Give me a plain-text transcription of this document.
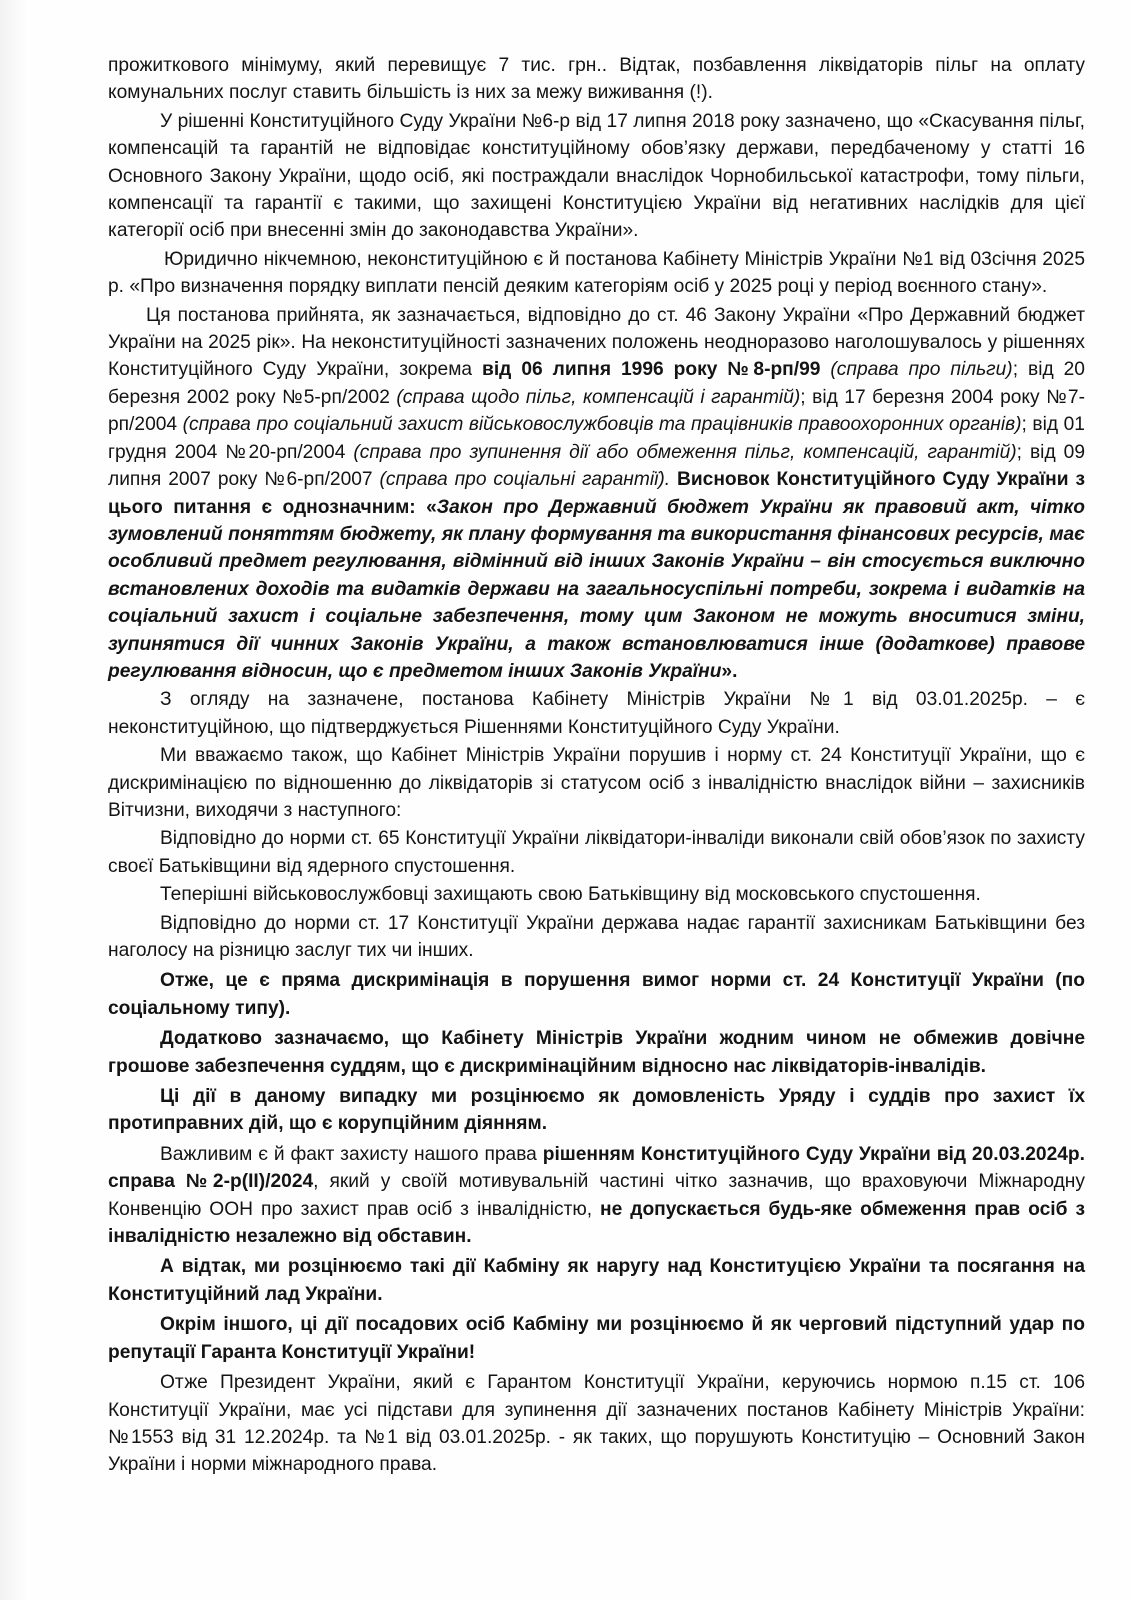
прожиткового мінімуму, який перевищує 7 тис. грн.. Відтак, позбавлення ліквідаторів пільг на оплату комунальних послуг ставить більшість із них за межу виживання (!).

У рішенні Конституційного Суду України №6-р від 17 липня 2018 року зазначено, що «Скасування пільг, компенсацій та гарантій не відповідає конституційному обов’язку держави, передбаченому у статті 16 Основного Закону України, щодо осіб, які постраждали внаслідок Чорнобильської катастрофи, тому пільги, компенсації та гарантії є такими, що захищені Конституцією України від негативних наслідків для цієї категорії осіб при внесенні змін до законодавства України».

Юридично нікчемною, неконституційною є й постанова Кабінету Міністрів України №1 від 03січня 2025 р. «Про визначення порядку виплати пенсій деяким категоріям осіб у 2025 році у період воєнного стану».

Ця постанова прийнята, як зазначається, відповідно до ст. 46 Закону України «Про Державний бюджет України на 2025 рік». На неконституційності зазначених положень неодноразово наголошувалось у рішеннях Конституційного Суду України, зокрема від 06 липня 1996 року №8-рп/99 (справа про пільги); від 20 березня 2002 року №5-рп/2002 (справа щодо пільг, компенсацій і гарантій); від 17 березня 2004 року №7-рп/2004 (справа про соціальний захист військовослужбовців та працівників правоохоронних органів); від 01 грудня 2004 №20-рп/2004 (справа про зупинення дії або обмеження пільг, компенсацій, гарантій); від 09 липня 2007 року №6-рп/2007 (справа про соціальні гарантії). Висновок Конституційного Суду України з цього питання є однозначним: «Закон про Державний бюджет України як правовий акт, чітко зумовлений поняттям бюджету, як плану формування та використання фінансових ресурсів, має особливий предмет регулювання, відмінний від інших Законів України – він стосується виключно встановлених доходів та видатків держави на загальносуспільні потреби, зокрема і видатків на соціальний захист і соціальне забезпечення, тому цим Законом не можуть вноситися зміни, зупинятися дії чинних Законів України, а також встановлюватися інше (додаткове) правове регулювання відносин, що є предметом інших Законів України».

З огляду на зазначене, постанова Кабінету Міністрів України №1 від 03.01.2025р. – є неконституційною, що підтверджується Рішеннями Конституційного Суду України.

Ми вважаємо також, що Кабінет Міністрів України порушив і норму ст. 24 Конституції України, що є дискримінацією по відношенню до ліквідаторів зі статусом осіб з інвалідністю внаслідок війни – захисників Вітчизни, виходячи з наступного:

Відповідно до норми ст. 65 Конституції України ліквідатори-інваліди виконали свій обов’язок по захисту своєї Батьківщини від ядерного спустошення.

Теперішні військовослужбовці захищають свою Батьківщину від московського спустошення.

Відповідно до норми ст. 17 Конституції України держава надає гарантії захисникам Батьківщини без наголосу на різницю заслуг тих чи інших.

Отже, це є пряма дискримінація в порушення вимог норми ст. 24 Конституції України (по соціальному типу).

Додатково зазначаємо, що Кабінету Міністрів України жодним чином не обмежив довічне грошове забезпечення суддям, що є дискримінаційним відносно нас ліквідаторів-інвалідів.

Ці дії в даному випадку ми розцінюємо як домовленість Уряду і суддів про захист їх протиправних дій, що є корупційним діянням.

Важливим є й факт захисту нашого права рішенням Конституційного Суду України від 20.03.2024р. справа №2-р(II)/2024, який у своїй мотивувальній частині чітко зазначив, що враховуючи Міжнародну Конвенцію ООН про захист прав осіб з інвалідністю, не допускається будь-яке обмеження прав осіб з інвалідністю незалежно від обставин.

А відтак, ми розцінюємо такі дії Кабміну як наругу над Конституцією України та посягання на Конституційний лад України.

Окрім іншого, ці дії посадових осіб Кабміну ми розцінюємо й як черговий підступний удар по репутації Гаранта Конституції України!

Отже Президент України, який є Гарантом Конституції України, керуючись нормою п.15 ст. 106 Конституції України, має усі підстави для зупинення дії зазначених постанов Кабінету Міністрів України: №1553 від 31 12.2024р. та №1 від 03.01.2025р. - як таких, що порушують Конституцію – Основний Закон України і норми міжнародного права.
